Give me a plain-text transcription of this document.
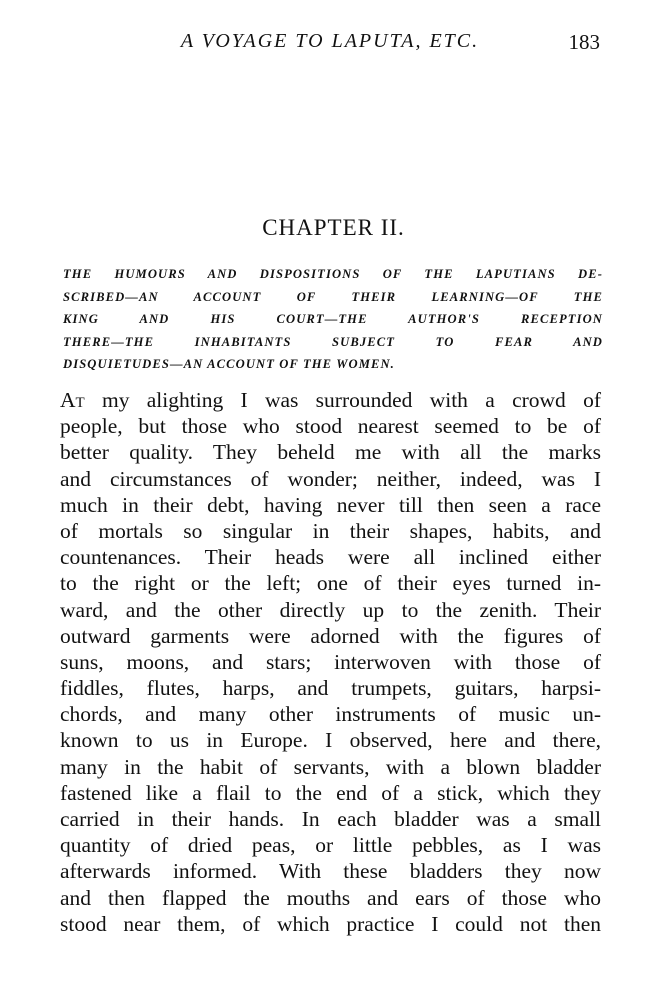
A VOYAGE TO LAPUTA, ETC.	183
CHAPTER II.
THE HUMOURS AND DISPOSITIONS OF THE LAPUTIANS DE-
SCRIBED—AN ACCOUNT OF THEIR LEARNING—OF THE
KING AND HIS COURT—THE AUTHOR'S RECEPTION
THERE—THE INHABITANTS SUBJECT TO FEAR AND
DISQUIETUDES—AN ACCOUNT OF THE WOMEN.
At my alighting I was surrounded with a crowd of
people, but those who stood nearest seemed to be of
better quality. They beheld me with all the marks
and circumstances of wonder; neither, indeed, was I
much in their debt, having never till then seen a race
of mortals so singular in their shapes, habits, and
countenances. Their heads were all inclined either
to the right or the left; one of their eyes turned in-
ward, and the other directly up to the zenith. Their
outward garments were adorned with the figures of
suns, moons, and stars; interwoven with those of
fiddles, flutes, harps, and trumpets, guitars, harpsi-
chords, and many other instruments of music un-
known to us in Europe. I observed, here and there,
many in the habit of servants, with a blown bladder
fastened like a flail to the end of a stick, which they
carried in their hands. In each bladder was a small
quantity of dried peas, or little pebbles, as I was
afterwards informed. With these bladders they now
and then flapped the mouths and ears of those who
stood near them, of which practice I could not then
